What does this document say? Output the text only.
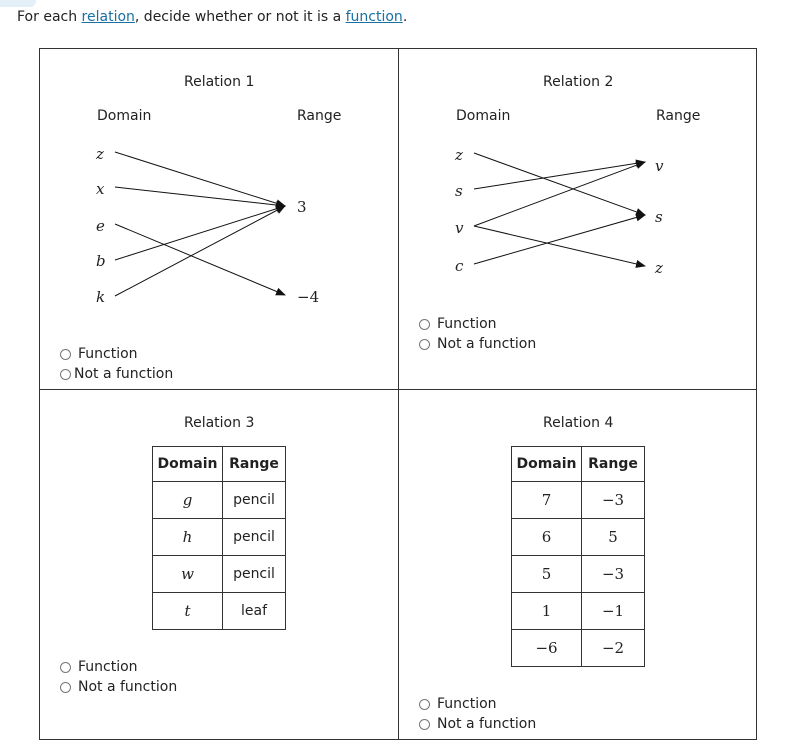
For each relation, decide whether or not it is a function.
Relation 1
Domain	Range
z
x
e
b
k
3
−4
Function
Not a function
Relation 2
Domain	Range
z
s
v
c
v
s
z
Function
Not a function
Relation 3
Domain	Range
g	pencil
h	pencil
w	pencil
t	leaf
Function
Not a function
Relation 4
Domain	Range
7	−3
6	5
5	−3
1	−1
−6	−2
Function
Not a function
